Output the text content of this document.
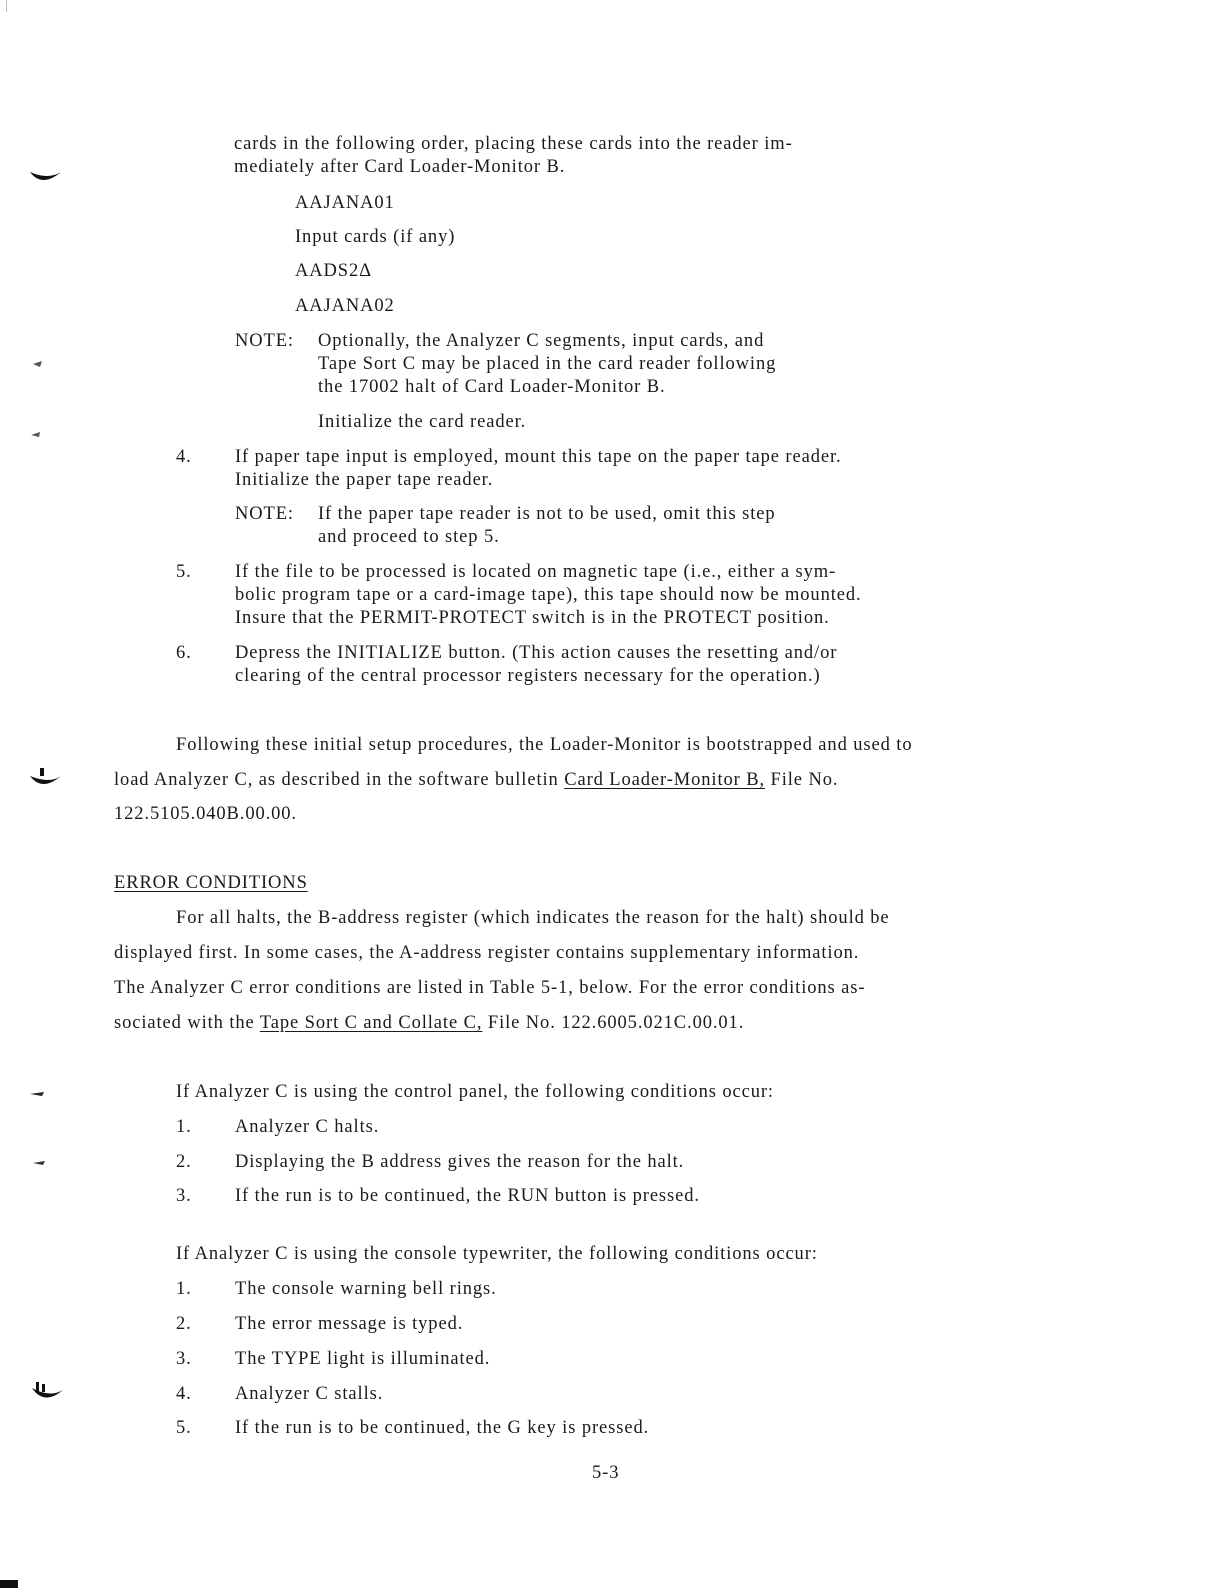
cards in the following order, placing these cards into the reader im-
mediately after Card Loader-Monitor B.
AAJANA01
Input cards (if any)
AADS2Δ
AAJANA02
NOTE: Optionally, the Analyzer C segments, input cards, and
Tape Sort C may be placed in the card reader following
the 17002 halt of Card Loader-Monitor B.
Initialize the card reader.
4. If paper tape input is employed, mount this tape on the paper tape reader.
Initialize the paper tape reader.
NOTE: If the paper tape reader is not to be used, omit this step
and proceed to step 5.
5. If the file to be processed is located on magnetic tape (i.e., either a sym-
bolic program tape or a card-image tape), this tape should now be mounted.
Insure that the PERMIT-PROTECT switch is in the PROTECT position.
6. Depress the INITIALIZE button. (This action causes the resetting and/or
clearing of the central processor registers necessary for the operation.)
Following these initial setup procedures, the Loader-Monitor is bootstrapped and used to
load Analyzer C, as described in the software bulletin Card Loader-Monitor B, File No.
122.5105.040B.00.00.
ERROR CONDITIONS
For all halts, the B-address register (which indicates the reason for the halt) should be
displayed first. In some cases, the A-address register contains supplementary information.
The Analyzer C error conditions are listed in Table 5-1, below. For the error conditions as-
sociated with the Tape Sort C and Collate C, File No. 122.6005.021C.00.01.
If Analyzer C is using the control panel, the following conditions occur:
1. Analyzer C halts.
2. Displaying the B address gives the reason for the halt.
3. If the run is to be continued, the RUN button is pressed.
If Analyzer C is using the console typewriter, the following conditions occur:
1. The console warning bell rings.
2. The error message is typed.
3. The TYPE light is illuminated.
4. Analyzer C stalls.
5. If the run is to be continued, the G key is pressed.
5-3
